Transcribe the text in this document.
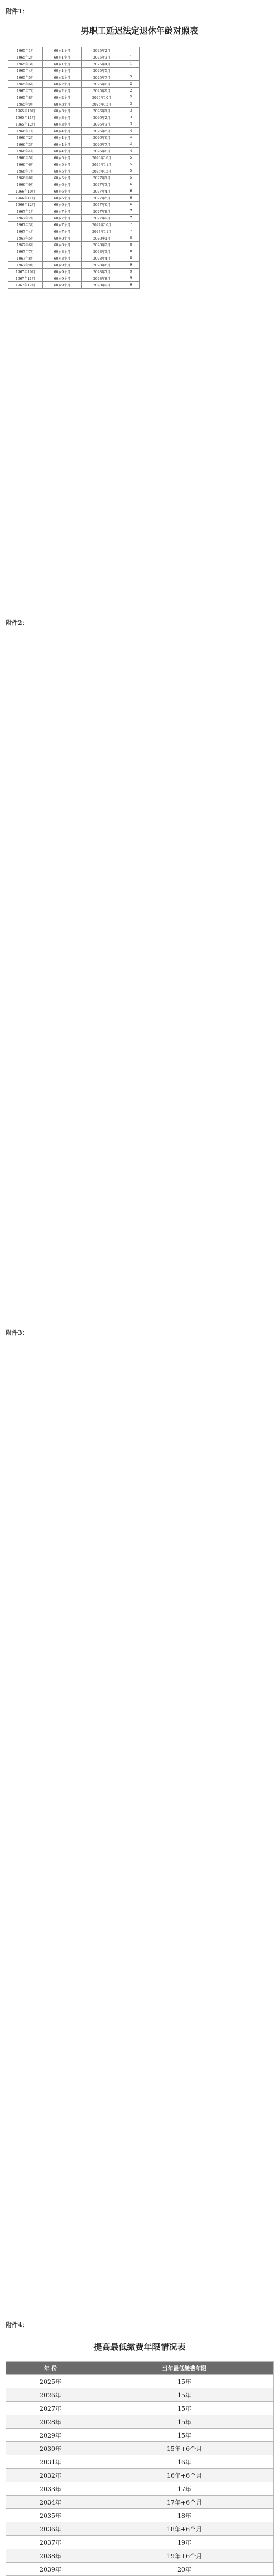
附件1：
男职工延迟法定退休年龄对照表
1965年1月	60岁1个月	2025年2月	1
1965年2月	60岁1个月	2025年3月	1
1965年3月	60岁1个月	2025年4月	1
1965年4月	60岁1个月	2025年5月	1
1965年5月	60岁2个月	2025年7月	2
1965年6月	60岁2个月	2025年8月	2
1965年7月	60岁2个月	2025年9月	2
1965年8月	60岁2个月	2025年10月	2
1965年9月	60岁3个月	2025年12月	3
1965年10月	60岁3个月	2026年1月	3
1965年11月	60岁3个月	2026年2月	3
1965年12月	60岁3个月	2026年3月	3
1966年1月	60岁4个月	2026年5月	4
1966年2月	60岁4个月	2026年6月	4
1966年3月	60岁4个月	2026年7月	4
1966年4月	60岁4个月	2026年8月	4
1966年5月	60岁5个月	2026年10月	5
1966年6月	60岁5个月	2026年11月	5
1966年7月	60岁5个月	2026年12月	5
1966年8月	60岁5个月	2027年1月	5
1966年9月	60岁6个月	2027年3月	6
1966年10月	60岁6个月	2027年4月	6
1966年11月	60岁6个月	2027年5月	6
1966年12月	60岁6个月	2027年6月	6
1967年1月	60岁7个月	2027年8月	7
1967年2月	60岁7个月	2027年9月	7
1967年3月	60岁7个月	2027年10月	7
1967年4月	60岁7个月	2027年11月	7
1967年5月	60岁8个月	2028年1月	8
1967年6月	60岁8个月	2028年2月	8
1967年7月	60岁8个月	2028年3月	8
1967年8月	60岁8个月	2028年4月	8
1967年9月	60岁9个月	2028年6月	9
1967年10月	60岁9个月	2028年7月	9
1967年11月	60岁9个月	2028年8月	9
1967年12月	60岁9个月	2028年9月	9
附件2：
附件3：
附件4：
提高最低缴费年限情况表
年 份	当年最低缴费年限
2025年	15年
2026年	15年
2027年	15年
2028年	15年
2029年	15年
2030年	15年+6个月
2031年	16年
2032年	16年+6个月
2033年	17年
2034年	17年+6个月
2035年	18年
2036年	18年+6个月
2037年	19年
2038年	19年+6个月
2039年	20年
